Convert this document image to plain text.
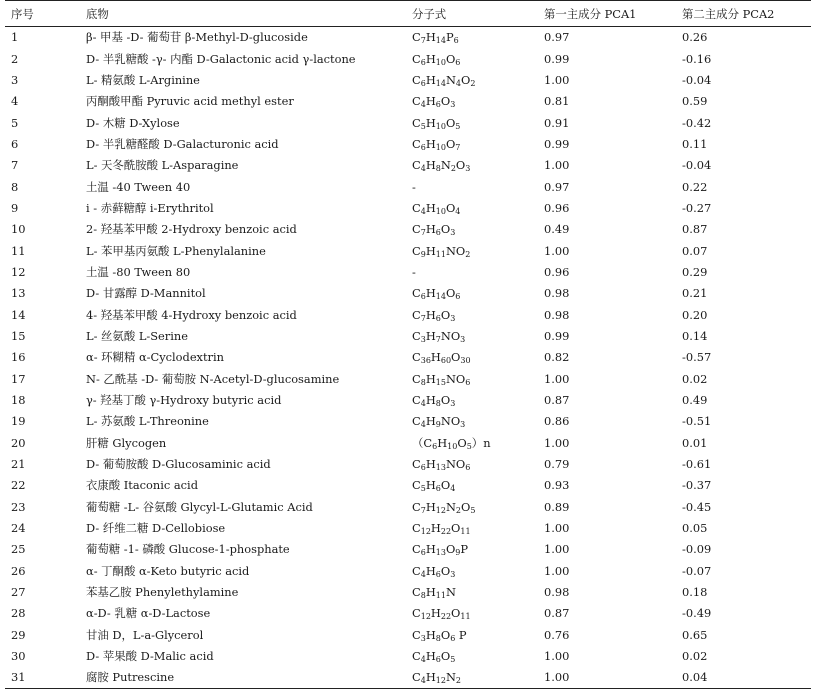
序号	底物	分子式	第一主成分 PCA1	第二主成分 PCA2
1	β- 甲基 -D- 葡萄苷 β-Methyl-D-glucoside	$C_7H_{14}P_6$	0.97	0.26
2	D- 半乳糖酸 -γ- 内酯 D-Galactonic acid γ-lactone	$C_6H_{10}O_6$	0.99	-0.16
3	L- 精氨酸 L-Arginine	$C_6H_{14}N_4O_2$	1.00	-0.04
4	丙酮酸甲酯 Pyruvic acid methyl ester	$C_4H_6O_3$	0.81	0.59
5	D- 木糖 D-Xylose	$C_5H_{10}O_5$	0.91	-0.42
6	D- 半乳糖醛酸 D-Galacturonic acid	$C_6H_{10}O_7$	0.99	0.11
7	L- 天冬酰胺酸 L-Asparagine	$C_4H_8N_2O_3$	1.00	-0.04
8	土温 -40 Tween 40	-	0.97	0.22
9	i - 赤藓糖醇 i-Erythritol	$C_4H_{10}O_4$	0.96	-0.27
10	2- 羟基苯甲酸 2-Hydroxy benzoic acid	$C_7H_6O_3$	0.49	0.87
11	L- 苯甲基丙氨酸 L-Phenylalanine	$C_9H_{11}NO_2$	1.00	0.07
12	土温 -80 Tween 80	-	0.96	0.29
13	D- 甘露醇 D-Mannitol	$C_6H_{14}O_6$	0.98	0.21
14	4- 羟基苯甲酸 4-Hydroxy benzoic acid	$C_7H_6O_3$	0.98	0.20
15	L- 丝氨酸 L-Serine	$C_3H_7NO_3$	0.99	0.14
16	α- 环糊精 α-Cyclodextrin	$C_{36}H_{60}O_{30}$	0.82	-0.57
17	N- 乙酰基 -D- 葡萄胺 N-Acetyl-D-glucosamine	$C_8H_{15}NO_6$	1.00	0.02
18	γ- 羟基丁酸 γ-Hydroxy butyric acid	$C_4H_8O_3$	0.87	0.49
19	L- 苏氨酸 L-Threonine	$C_4H_9NO_3$	0.86	-0.51
20	肝糖 Glycogen	$(C_6H_{10}O_5)n$	1.00	0.01
21	D- 葡萄胺酸 D-Glucosaminic acid	$C_6H_{13}NO_6$	0.79	-0.61
22	衣康酸 Itaconic acid	$C_5H_6O_4$	0.93	-0.37
23	葡萄糖 -L- 谷氨酸 Glycyl-L-Glutamic Acid	$C_7H_{12}N_2O_5$	0.89	-0.45
24	D- 纤维二糖 D-Cellobiose	$C_{12}H_{22}O_{11}$	1.00	0.05
25	葡萄糖 -1- 磷酸 Glucose-1-phosphate	$C_6H_{13}O_9P$	1.00	-0.09
26	α- 丁酮酸 α-Keto butyric acid	$C_4H_6O_3$	1.00	-0.07
27	苯基乙胺 Phenylethylamine	$C_8H_{11}N$	0.98	0.18
28	α-D- 乳糖 α-D-Lactose	$C_{12}H_{22}O_{11}$	0.87	-0.49
29	甘油 D，L-a-Glycerol	$C_3H_8O_6$ P	0.76	0.65
30	D- 苹果酸 D-Malic acid	$C_4H_6O_5$	1.00	0.02
31	腐胺 Putrescine	$C_4H_{12}N_2$	1.00	0.04
